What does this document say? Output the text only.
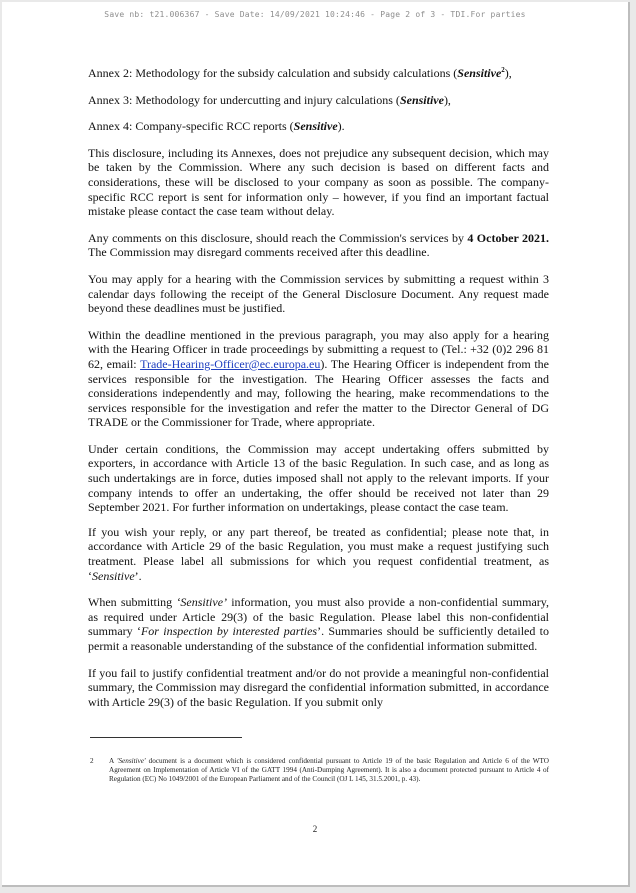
Save nb: t21.006367 - Save Date: 14/09/2021 10:24:46 - Page 2 of 3 - TDI.For parties

Annex 2: Methodology for the subsidy calculation and subsidy calculations (Sensitive$^2$),

Annex 3: Methodology for undercutting and injury calculations (Sensitive),

Annex 4: Company-specific RCC reports (Sensitive).

This disclosure, including its Annexes, does not prejudice any subsequent decision, which may be taken by the Commission. Where any such decision is based on different facts and considerations, these will be disclosed to your company as soon as possible. The company-specific RCC report is sent for information only – however, if you find an important factual mistake please contact the case team without delay.

Any comments on this disclosure, should reach the Commission's services by 4 October 2021. The Commission may disregard comments received after this deadline.

You may apply for a hearing with the Commission services by submitting a request within 3 calendar days following the receipt of the General Disclosure Document. Any request made beyond these deadlines must be justified.

Within the deadline mentioned in the previous paragraph, you may also apply for a hearing with the Hearing Officer in trade proceedings by submitting a request to (Tel.: +32 (0)2 296 81 62, email: Trade-Hearing-Officer@ec.europa.eu). The Hearing Officer is independent from the services responsible for the investigation. The Hearing Officer assesses the facts and considerations independently and may, following the hearing, make recommendations to the services responsible for the investigation and refer the matter to the Director General of DG TRADE or the Commissioner for Trade, where appropriate.

Under certain conditions, the Commission may accept undertaking offers submitted by exporters, in accordance with Article 13 of the basic Regulation. In such case, and as long as such undertakings are in force, duties imposed shall not apply to the relevant imports. If your company intends to offer an undertaking, the offer should be received not later than 29 September 2021. For further information on undertakings, please contact the case team.

If you wish your reply, or any part thereof, be treated as confidential; please note that, in accordance with Article 29 of the basic Regulation, you must make a request justifying such treatment. Please label all submissions for which you request confidential treatment, as ‘Sensitive’.

When submitting ‘Sensitive’ information, you must also provide a non-confidential summary, as required under Article 29(3) of the basic Regulation. Please label this non-confidential summary ‘For inspection by interested parties’. Summaries should be sufficiently detailed to permit a reasonable understanding of the substance of the confidential information submitted.

If you fail to justify confidential treatment and/or do not provide a meaningful non-confidential summary, the Commission may disregard the confidential information submitted, in accordance with Article 29(3) of the basic Regulation. If you submit only

2 A 'Sensitive' document is a document which is considered confidential pursuant to Article 19 of the basic Regulation and Article 6 of the WTO Agreement on Implementation of Article VI of the GATT 1994 (Anti-Dumping Agreement). It is also a document protected pursuant to Article 4 of Regulation (EC) No 1049/2001 of the European Parliament and of the Council (OJ L 145, 31.5.2001, p. 43).
2
